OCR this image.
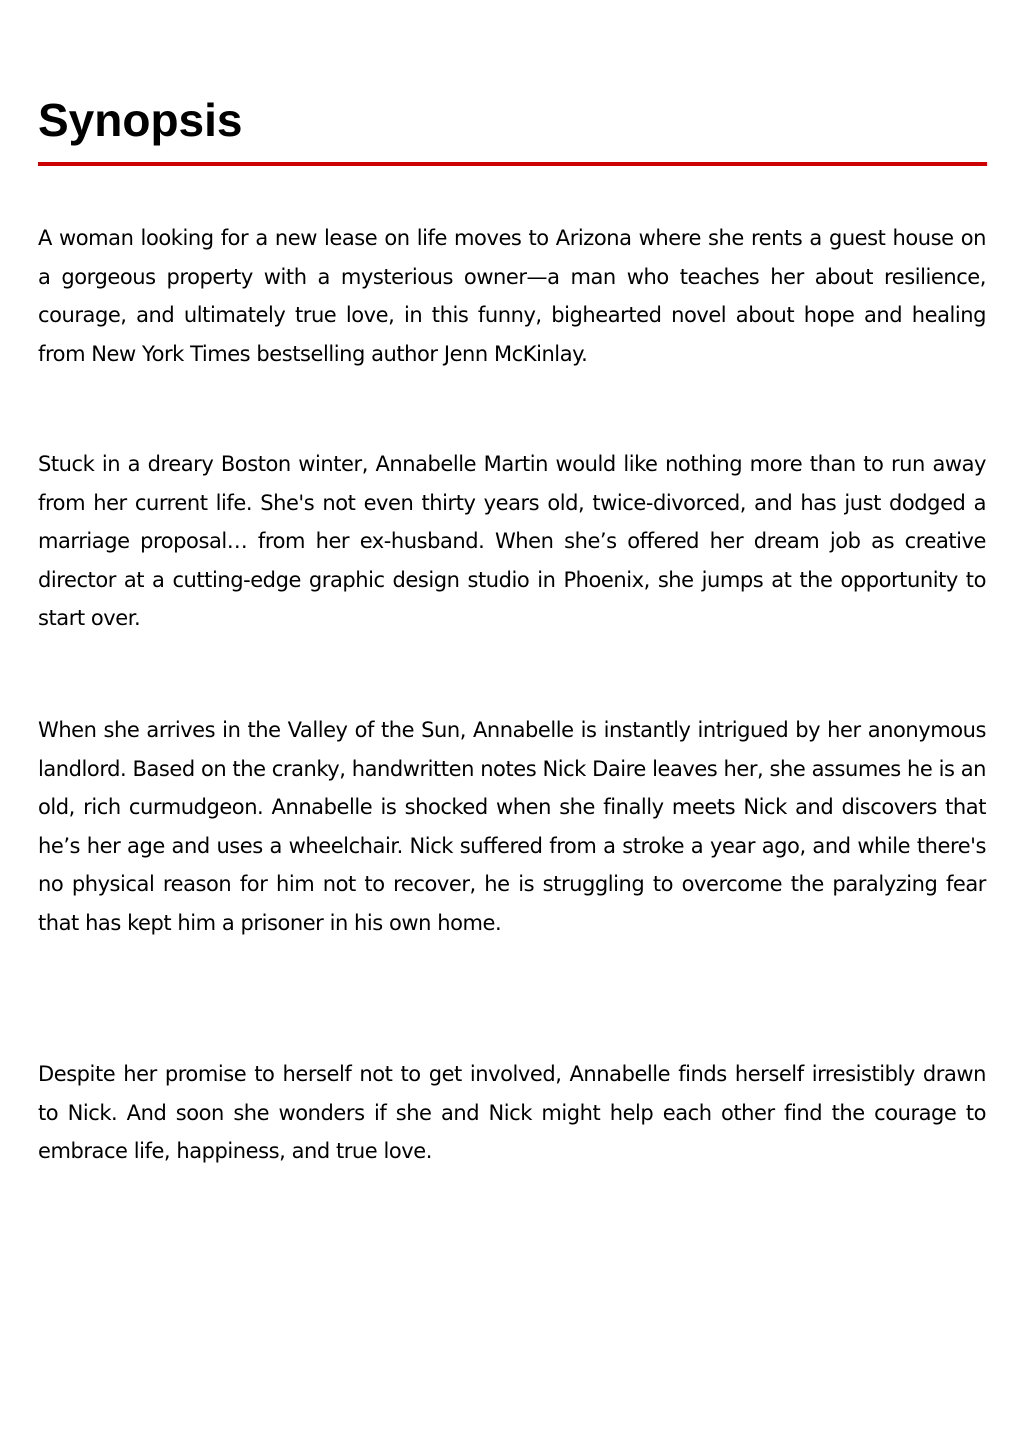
Synopsis

A woman looking for a new lease on life moves to Arizona where she rents a guest house on a gorgeous property with a mysterious owner—a man who teaches her about resilience, courage, and ultimately true love, in this funny, bighearted novel about hope and healing from New York Times bestselling author Jenn McKinlay.

Stuck in a dreary Boston winter, Annabelle Martin would like nothing more than to run away from her current life. She's not even thirty years old, twice-divorced, and has just dodged a marriage proposal… from her ex-husband. When she’s offered her dream job as creative director at a cutting-edge graphic design studio in Phoenix, she jumps at the opportunity to start over.

When she arrives in the Valley of the Sun, Annabelle is instantly intrigued by her anonymous landlord. Based on the cranky, handwritten notes Nick Daire leaves her, she assumes he is an old, rich curmudgeon. Annabelle is shocked when she finally meets Nick and discovers that he’s her age and uses a wheelchair. Nick suffered from a stroke a year ago, and while there's no physical reason for him not to recover, he is struggling to overcome the paralyzing fear that has kept him a prisoner in his own home.

Despite her promise to herself not to get involved, Annabelle finds herself irresistibly drawn to Nick. And soon she wonders if she and Nick might help each other find the courage to embrace life, happiness, and true love.
